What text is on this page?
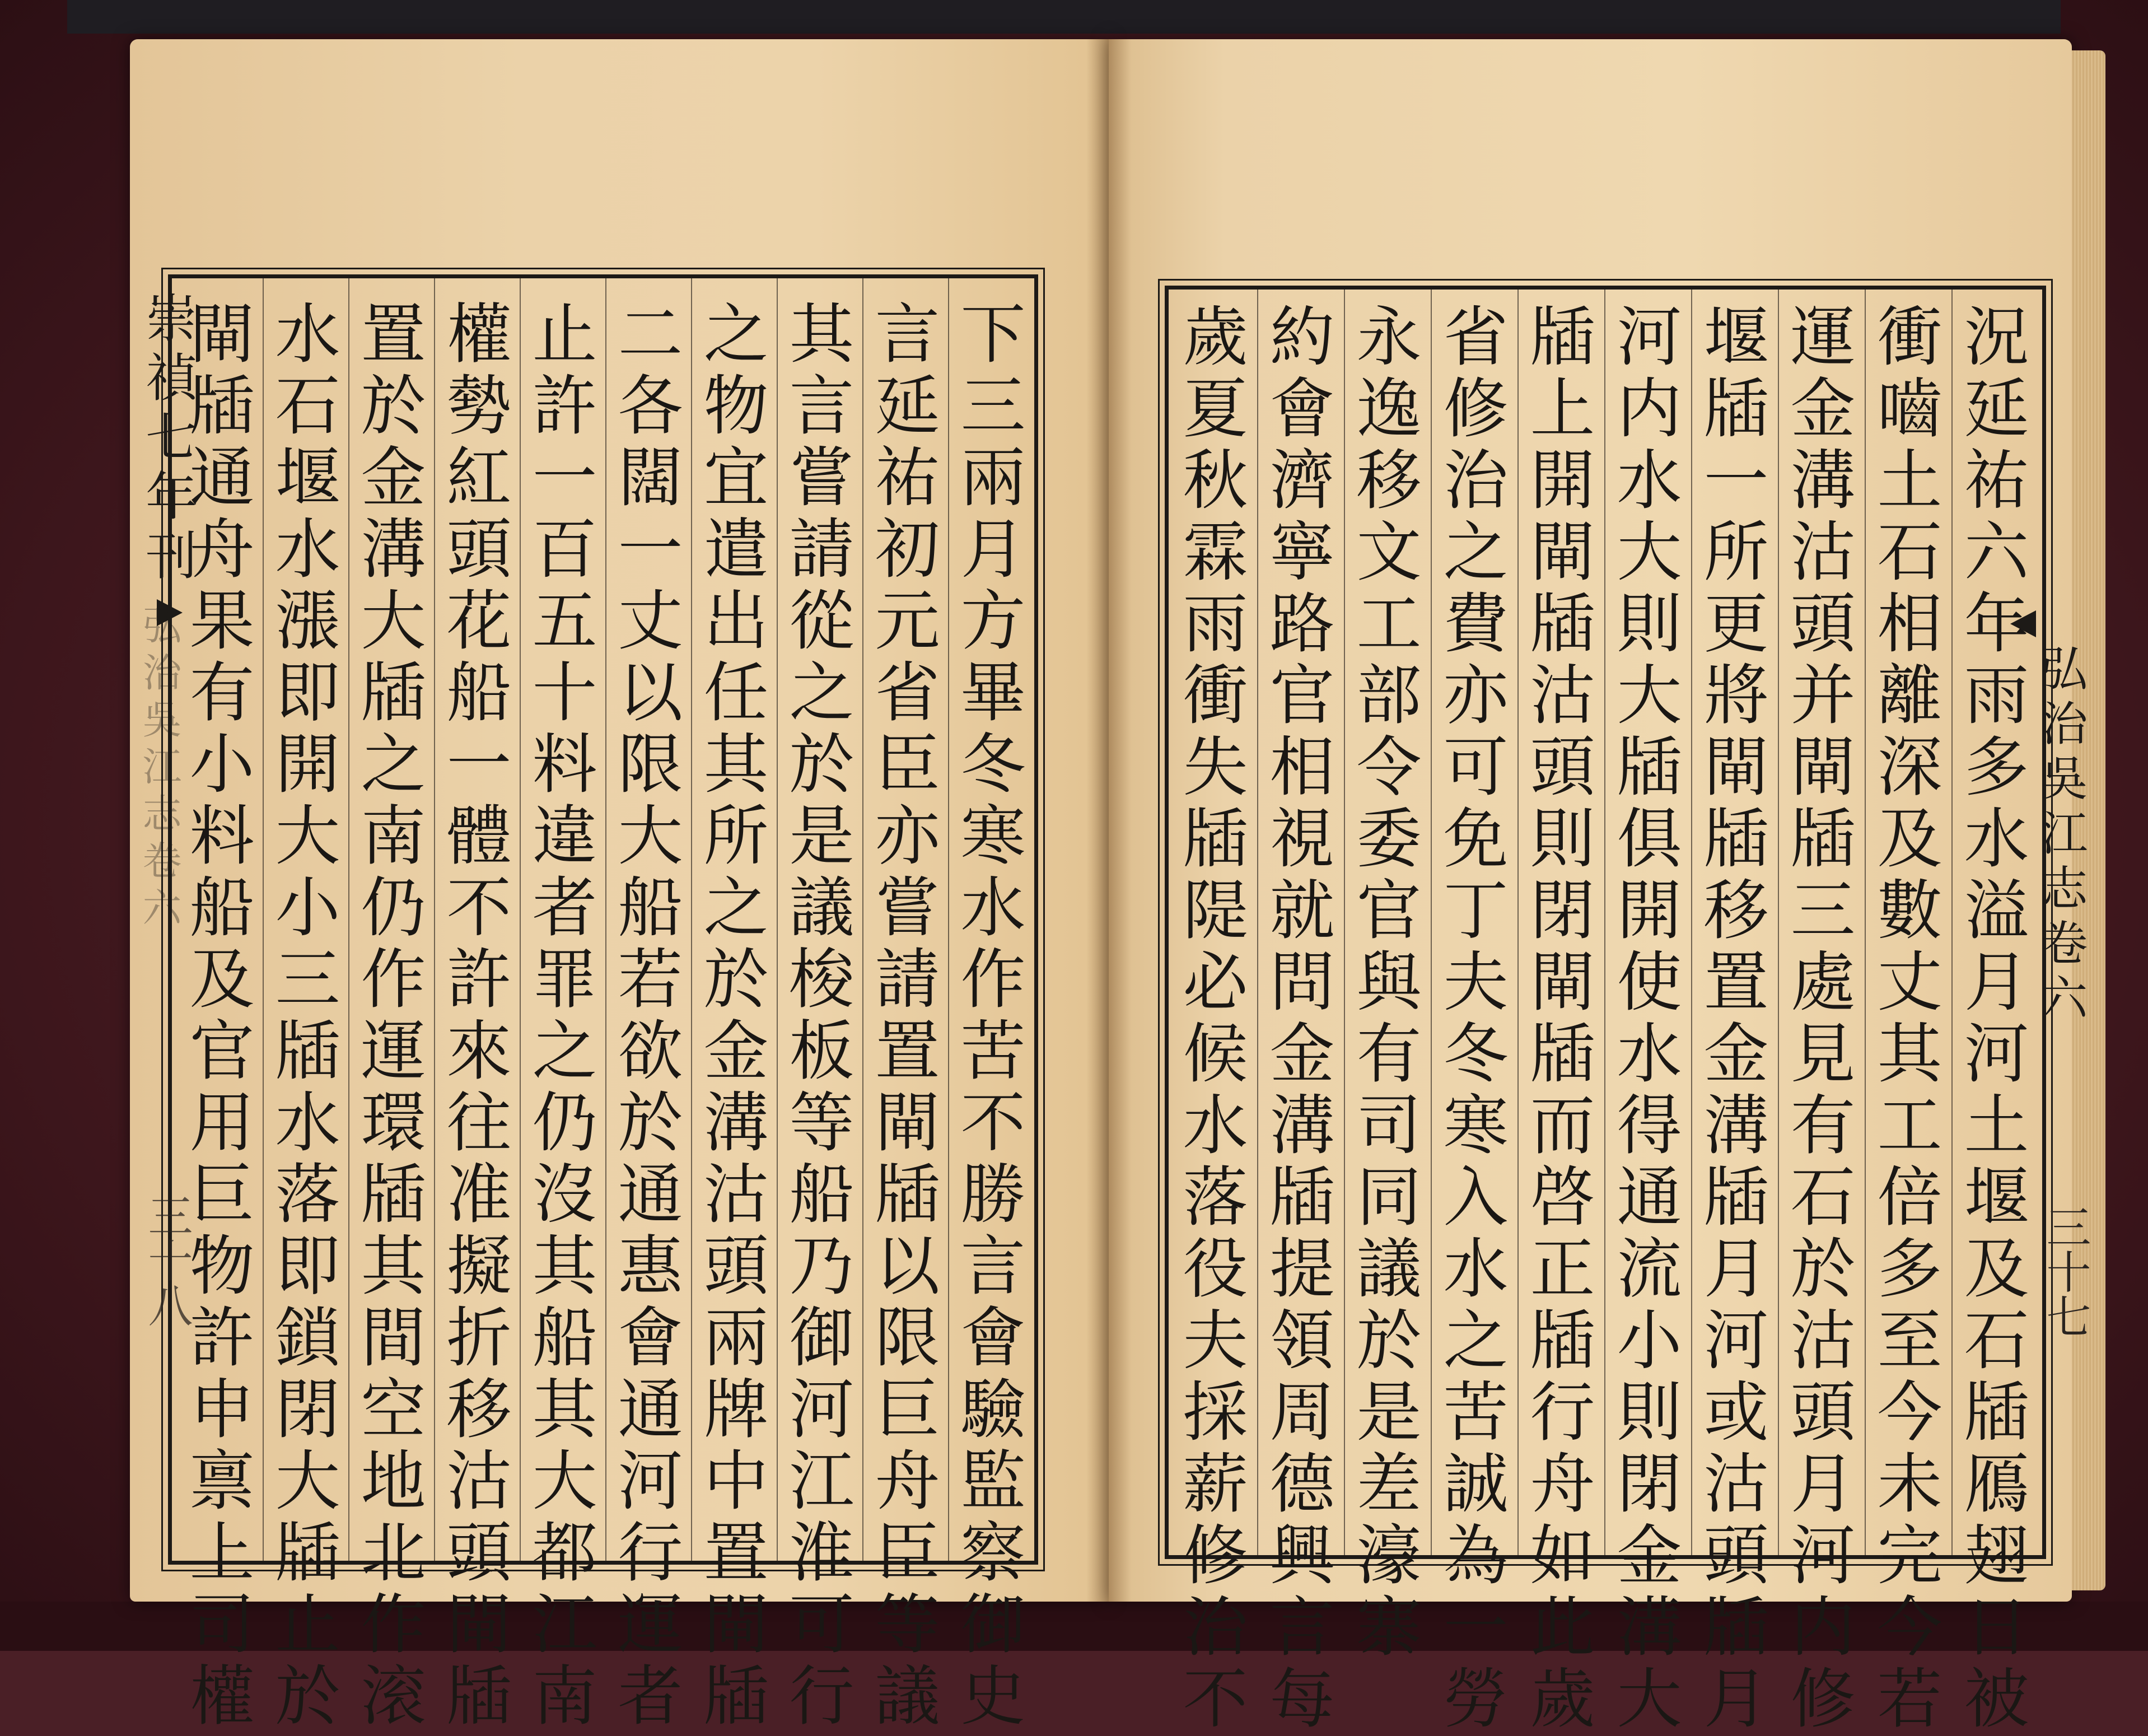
下三兩月方畢冬寒水作苦不勝言會驗監察御史
言延祐初元省臣亦嘗請置閘牐以限巨舟臣等議
其言嘗請從之於是議梭板等船乃御河江淮可行
之物宜遣出任其所之於金溝沽頭兩牌中置閘牐
二各闊一丈以限大船若欲於通惠會通河行運者
止許一百五十料違者罪之仍沒其船其大都江南
權勢紅頭花船一體不許來往准擬折移沽頭閘牐
置於金溝大牐之南仍作運環牐其間空地北作滚
水石堰水漲即開大小三牐水落即鎖閉大牐止於
閘牐通舟果有小料船及官用巨物許申禀上司權
崇禎七年刊
弘治吳江志卷六
三十八	況延祐六年雨多水溢月河土堰及石牐鴈翅日被
衝嚙土石相離深及數丈其工倍多至今未完今若
運金溝沽頭并閘牐三處見有石於沽頭月河内修
堰牐一所更將閘牐移置金溝牐月河或沽頭牐月
河内水大則大牐俱開使水得通流小則閉金溝大
牐上開閘牐沽頭則閉閘牐而啓正牐行舟如此歲
省修治之費亦可免丁夫冬寒入水之苦誠為一勞
永逸移文工部令委官與有司同議於是差濠寨
約會濟寧路官相視就問金溝牐提領周德興言每
歲夏秋霖雨衝失牐隄必候水落役夫採薪修治不	弘治吳江志卷六
三十七
